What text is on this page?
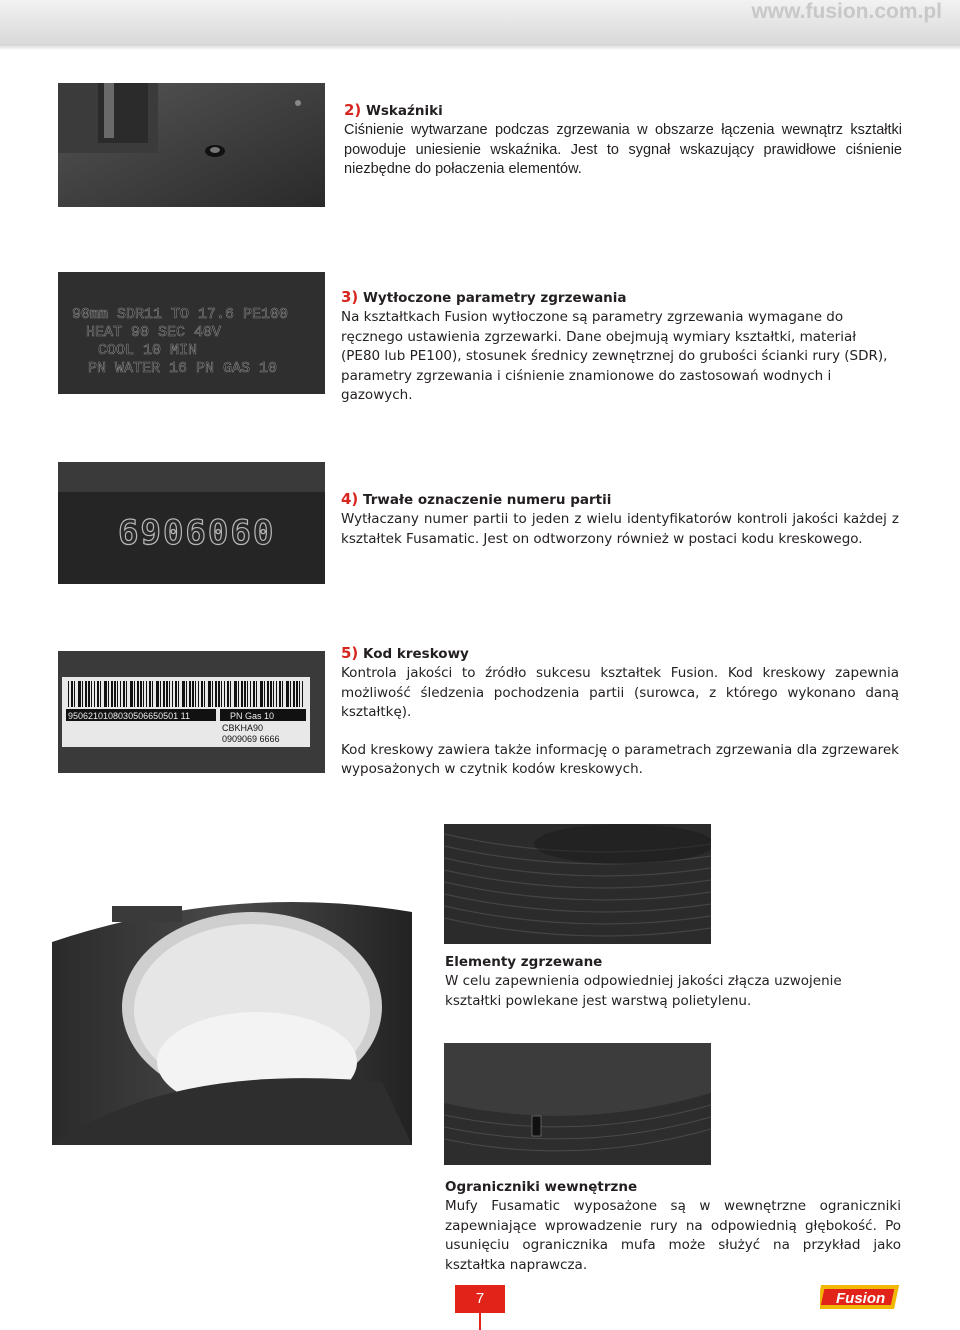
www.fusion.com.pl

2) Wskaźniki

Ciśnienie wytwarzane podczas zgrzewania w obszarze łączenia wewnątrz kształtki powoduje uniesienie wskaźnika. Jest to sygnał wskazujący prawidłowe ciśnienie niezbędne do połaczenia elementów.

90mm SDR11 TO 17.6 PE100
HEAT 90 SEC 40V
COOL 10 MIN
PN WATER 16 PN GAS 10

3) Wytłoczone parametry zgrzewania

Na kształtkach Fusion wytłoczone są parametry zgrzewania wymagane do ręcznego ustawienia zgrzewarki. Dane obejmują wymiary kształtki, materiał (PE80 lub PE100), stosunek średnicy zewnętrznej do grubości ścianki rury (SDR), parametry zgrzewania i ciśnienie znamionowe do zastosowań wodnych i gazowych.

6906060

4) Trwałe oznaczenie numeru partii

Wytłaczany numer partii to jeden z wielu identyfikatorów kontroli jakości każdej z kształtek Fusamatic. Jest on odtworzony również w postaci kodu kreskowego.

9506210108030506650501 11	PN Gas 10
CBKHA90
0909069 6666

5) Kod kreskowy

Kontrola jakości to źródło sukcesu kształtek Fusion. Kod kreskowy zapewnia możliwość śledzenia pochodzenia partii (surowca, z którego wykonano daną kształtkę).

Kod kreskowy zawiera także informację o parametrach zgrzewania dla zgrzewarek wyposażonych w czytnik kodów kreskowych.

Elementy zgrzewane

W celu zapewnienia odpowiedniej jakości złącza uzwojenie kształtki powlekane jest warstwą polietylenu.

Ograniczniki wewnętrzne

Mufy Fusamatic wyposażone są w wewnętrzne ograniczniki zapewniające wprowadzenie rury na odpowiednią głębokość. Po usunięciu ogranicznika mufa może służyć na przykład jako kształtka naprawcza.

7	Fusion
